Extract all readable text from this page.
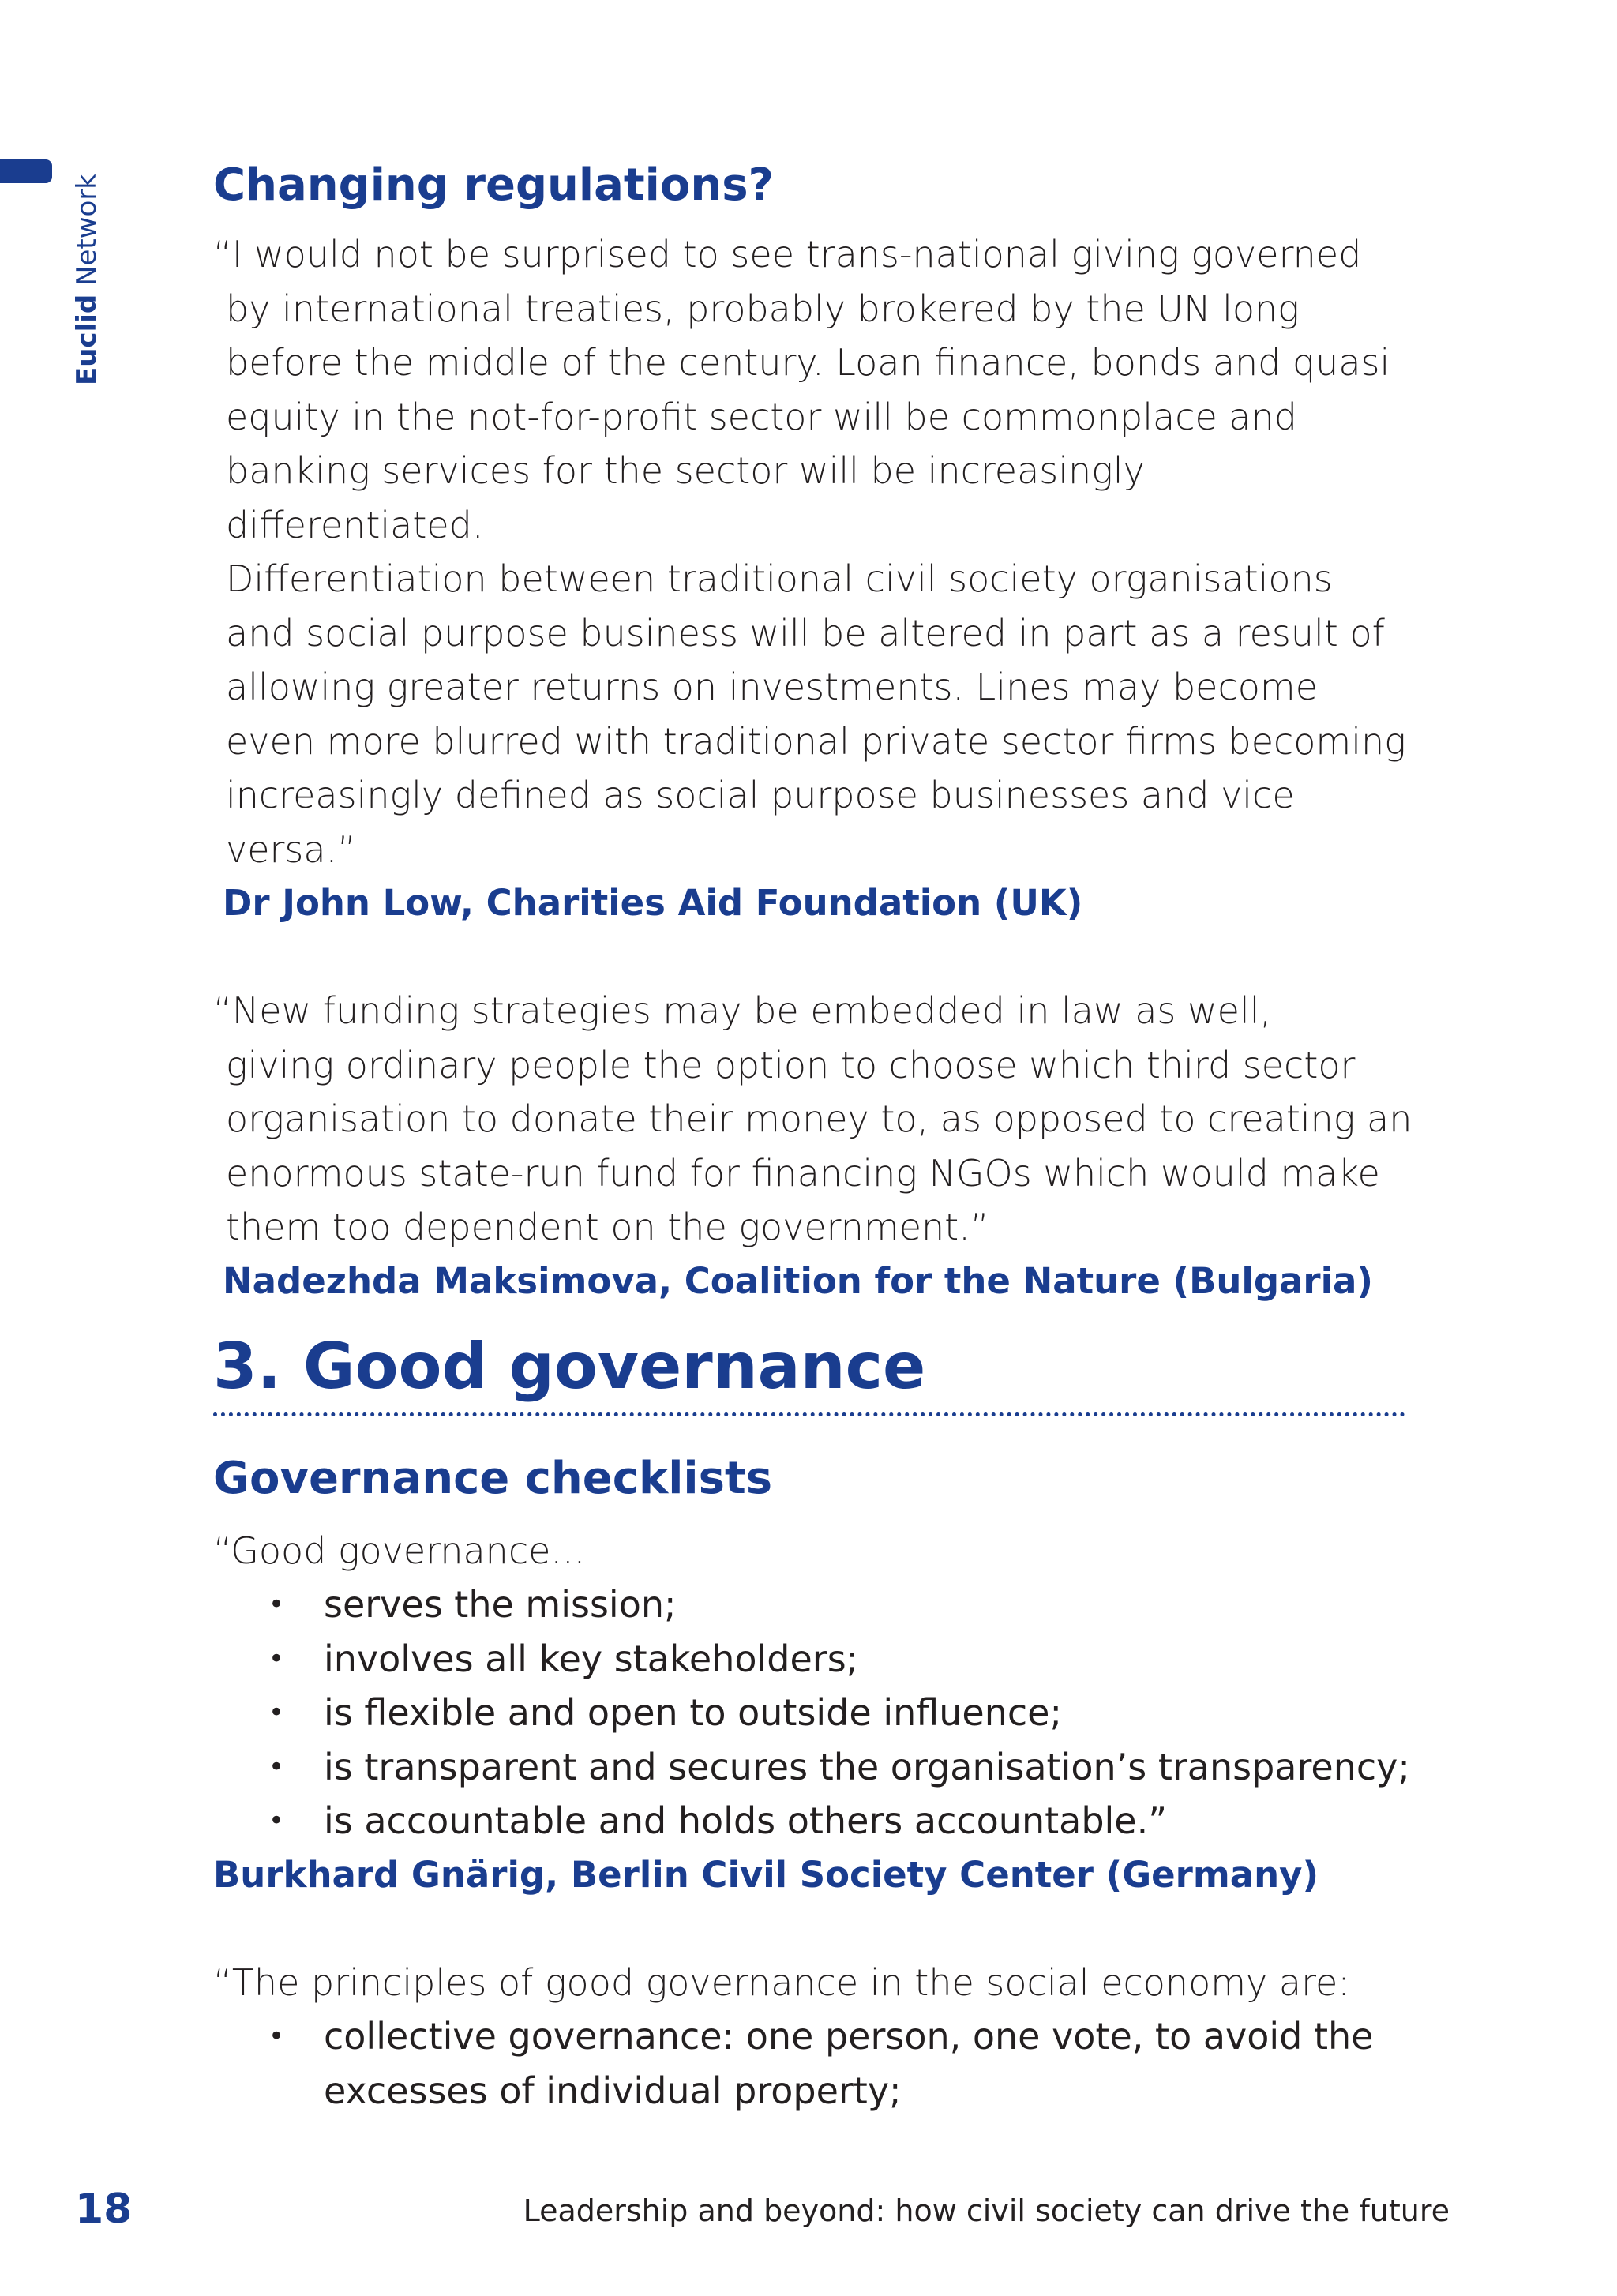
Euclid Network	Changing regulations?

“I would not be surprised to see trans-national giving governed
by international treaties, probably brokered by the UN long
before the middle of the century. Loan finance, bonds and quasi
equity in the not-for-profit sector will be commonplace and
banking services for the sector will be increasingly differentiated.
Differentiation between traditional civil society organisations
and social purpose business will be altered in part as a result of
allowing greater returns on investments. Lines may become
even more blurred with traditional private sector firms becoming
increasingly defined as social purpose businesses and vice versa.”

Dr John Low, Charities Aid Foundation (UK)

“New funding strategies may be embedded in law as well,
giving ordinary people the option to choose which third sector
organisation to donate their money to, as opposed to creating an
enormous state-run fund for financing NGOs which would make
them too dependent on the government.”

Nadezhda Maksimova, Coalition for the Nature (Bulgaria)

3. Good governance
Governance checklists

“Good governance...

• serves the mission;
• involves all key stakeholders;
• is flexible and open to outside influence;
• is transparent and secures the organisation’s transparency;
• is accountable and holds others accountable.”

Burkhard Gnärig, Berlin Civil Society Center (Germany)

“The principles of good governance in the social economy are:

• collective governance: one person, one vote, to avoid the
excesses of individual property;
18	Leadership and beyond: how civil society can drive the future
